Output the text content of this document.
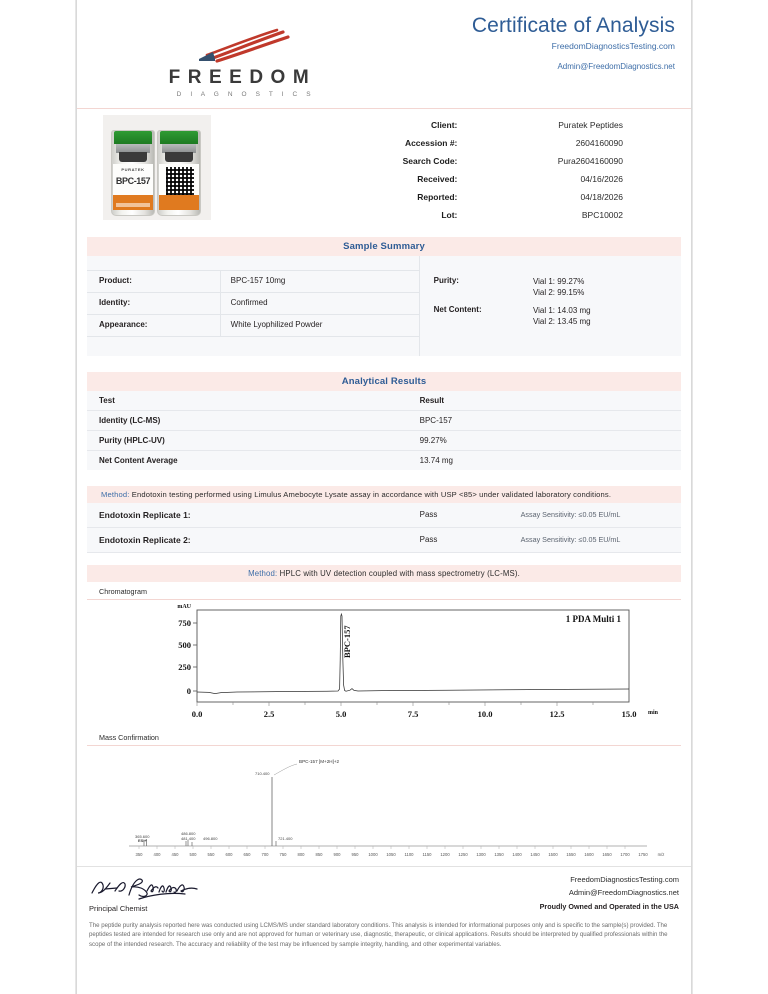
FREEDOM
D I A G N O S T I C S
Certificate of Analysis
FreedomDiagnosticsTesting.com
Admin@FreedomDiagnostics.net
PURATEK
BPC-157
Client:	Puratek Peptides
Accession #:	2604160090
Search Code:	Pura2604160090
Received:	04/16/2026
Reported:	04/18/2026
Lot:	BPC10002
Sample Summary
Product:	BPC-157 10mg
Identity:	Confirmed
Appearance:	White Lyophilized Powder
Purity:	Vial 1: 99.27%
Vial 2: 99.15%
Net Content:	Vial 1: 14.03 mg
Vial 2: 13.45 mg
Analytical Results
Test	Result
Identity (LC-MS)	BPC-157
Purity (HPLC-UV)	99.27%
Net Content Average	13.74 mg
Method: Endotoxin testing performed using Limulus Amebocyte Lysate assay in accordance with USP <85> under validated laboratory conditions.
Endotoxin Replicate 1:	Pass	Assay Sensitivity: ≤0.05 EU/mL
Endotoxin Replicate 2:	Pass	Assay Sensitivity: ≤0.05 EU/mL
Method: HPLC with UV detection coupled with mass spectrometry (LC-MS).
Chromatogram
mAU
750
500
250
0
0.0	2.5	5.0	7.5	10.0	12.5	15.0 min
BPC-157
1 PDA Multi 1
Mass Confirmation
350	400	450	500	550	600	650	700	750	800	850	900	950 1000 1050 1100 1150 1200 1250 1300 1350 1400 1450 1500 1550 1600 1650 1700 1750 m/z
365.600
ESI+
486.800
481.400 496.800	721.400
710.400
BPC-157 [M+2H]+2
Principal Chemist
FreedomDiagnosticsTesting.com
Admin@FreedomDiagnostics.net
Proudly Owned and Operated in the USA
The peptide purity analysis reported here was conducted using LCMS/MS under standard laboratory conditions. This analysis is intended for informational purposes only and is specific to the sample(s) provided. The peptides tested are intended for research use only and are not approved for human or veterinary use, diagnostic, therapeutic, or clinical applications. Results should be interpreted by qualified professionals within the scope of the intended research. The accuracy and reliability of the test may be influenced by sample integrity, handling, and other experimental variables.
